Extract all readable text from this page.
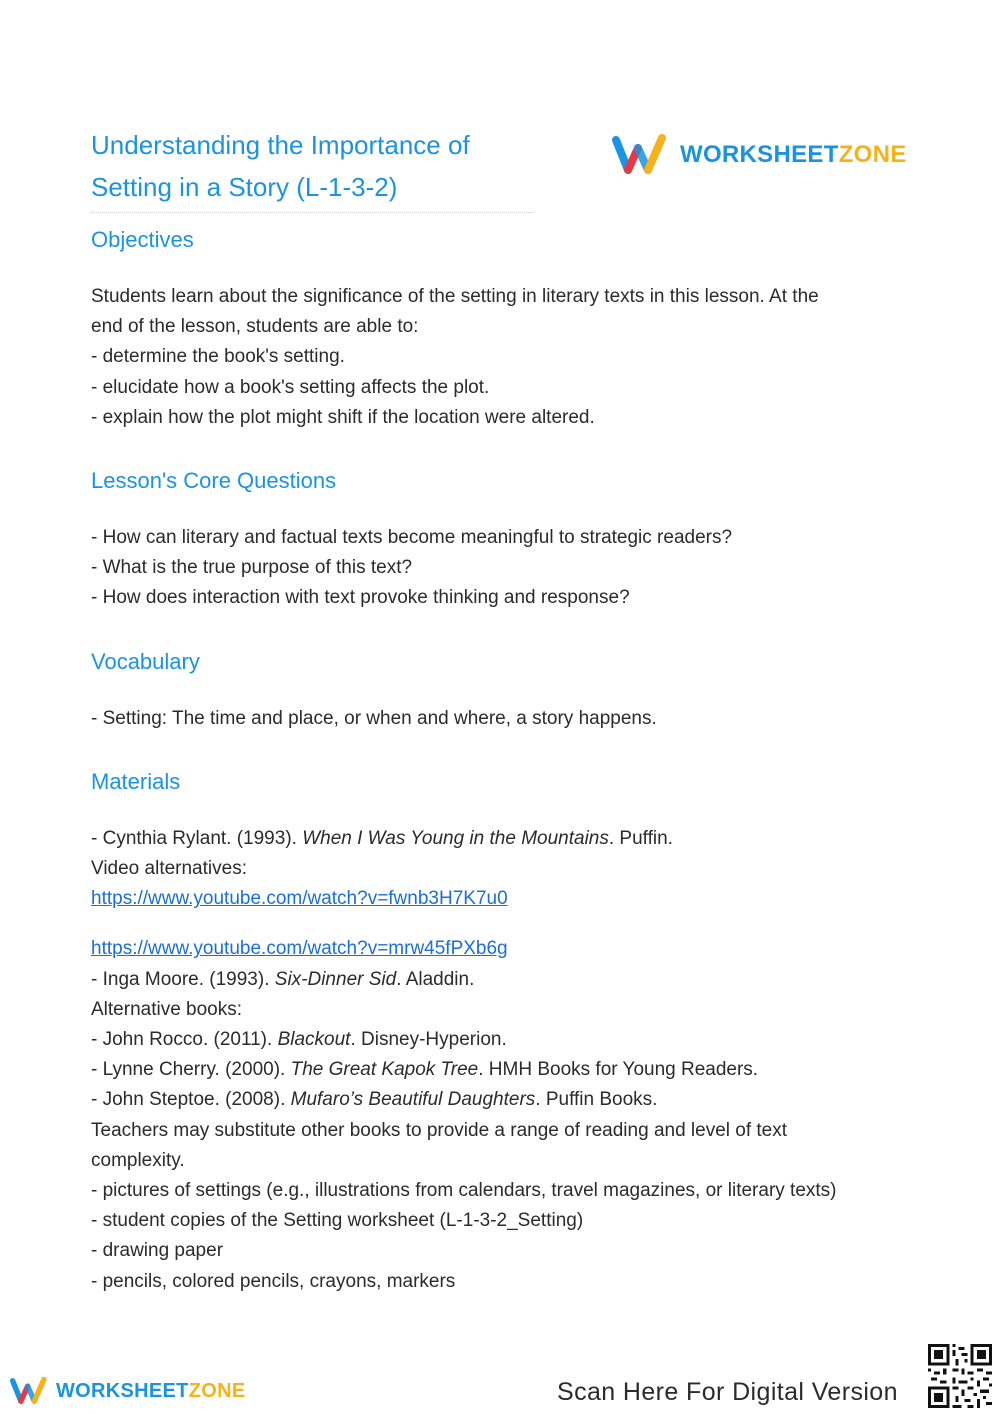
Understanding the Importance of
Setting in a Story (L-1-3-2)
WORKSHEETZONE
Objectives
Students learn about the significance of the setting in literary texts in this lesson. At the
end of the lesson, students are able to:
- determine the book's setting.
- elucidate how a book's setting affects the plot.
- explain how the plot might shift if the location were altered.
Lesson's Core Questions
- How can literary and factual texts become meaningful to strategic readers?
- What is the true purpose of this text?
- How does interaction with text provoke thinking and response?
Vocabulary
- Setting: The time and place, or when and where, a story happens.
Materials
- Cynthia Rylant. (1993). When I Was Young in the Mountains. Puffin.
Video alternatives:
https://www.youtube.com/watch?v=fwnb3H7K7u0
https://www.youtube.com/watch?v=mrw45fPXb6g
- Inga Moore. (1993). Six-Dinner Sid. Aladdin.
Alternative books:
- John Rocco. (2011). Blackout. Disney-Hyperion.
- Lynne Cherry. (2000). The Great Kapok Tree. HMH Books for Young Readers.
- John Steptoe. (2008). Mufaro’s Beautiful Daughters. Puffin Books.
Teachers may substitute other books to provide a range of reading and level of text
complexity.
- pictures of settings (e.g., illustrations from calendars, travel magazines, or literary texts)
- student copies of the Setting worksheet (L-1-3-2_Setting)
- drawing paper
- pencils, colored pencils, crayons, markers
WORKSHEETZONE	Scan Here For Digital Version
